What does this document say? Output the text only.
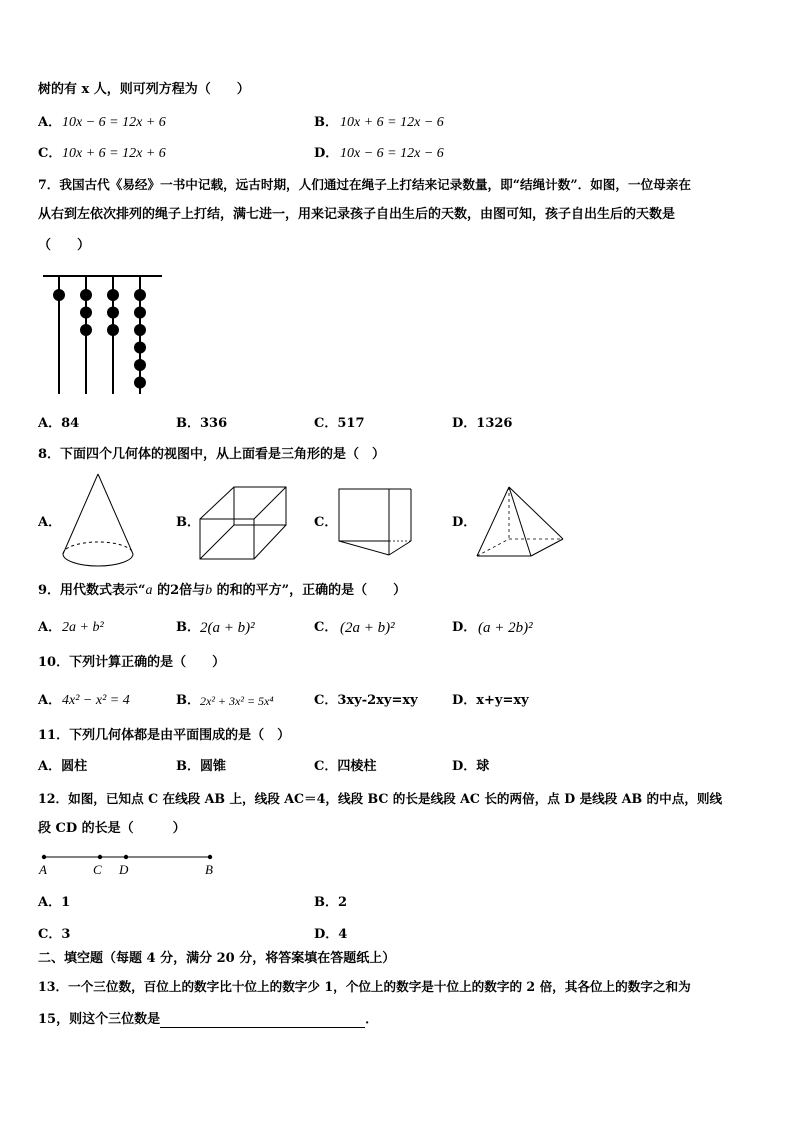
树的有 x 人，则可列方程为（　　）
A． 10x − 6 = 12x + 6	B． 10x + 6 = 12x − 6
C． 10x + 6 = 12x + 6	D． 10x − 6 = 12x − 6
7．我国古代《易经》一书中记载，远古时期，人们通过在绳子上打结来记录数量，即“结绳计数”．如图，一位母亲在
从右到左依次排列的绳子上打结，满七进一，用来记录孩子自出生后的天数，由图可知，孩子自出生后的天数是
（　　）
A．84	B．336	C．517	D．1326
8．下面四个几何体的视图中，从上面看是三角形的是（　）
A．	B．	C．	D．
9．用代数式表示“a 的2倍与b 的和的平方”，正确的是（　　）
A． 2a + b²	B． 2(a + b)²	C． (2a + b)²	D． (a + 2b)²
10．下列计算正确的是（　　）
A． 4x² − x² = 4	B． 2x² + 3x² = 5x⁴	C．3xy-2xy=xy	D．x+y=xy
11．下列几何体都是由平面围成的是（　）
A．圆柱	B．圆锥	C．四棱柱	D．球
12．如图，已知点 C 在线段 AB 上，线段 AC＝4，线段 BC 的长是线段 AC 长的两倍，点 D 是线段 AB 的中点，则线
段 CD 的长是（　　　）
A	C D	B
A．1	B．2
C．3	D．4
二、填空题（每题 4 分，满分 20 分，将答案填在答题纸上）
13．一个三位数，百位上的数字比十位上的数字少 1，个位上的数字是十位上的数字的 2 倍，其各位上的数字之和为
15，则这个三位数是	．
